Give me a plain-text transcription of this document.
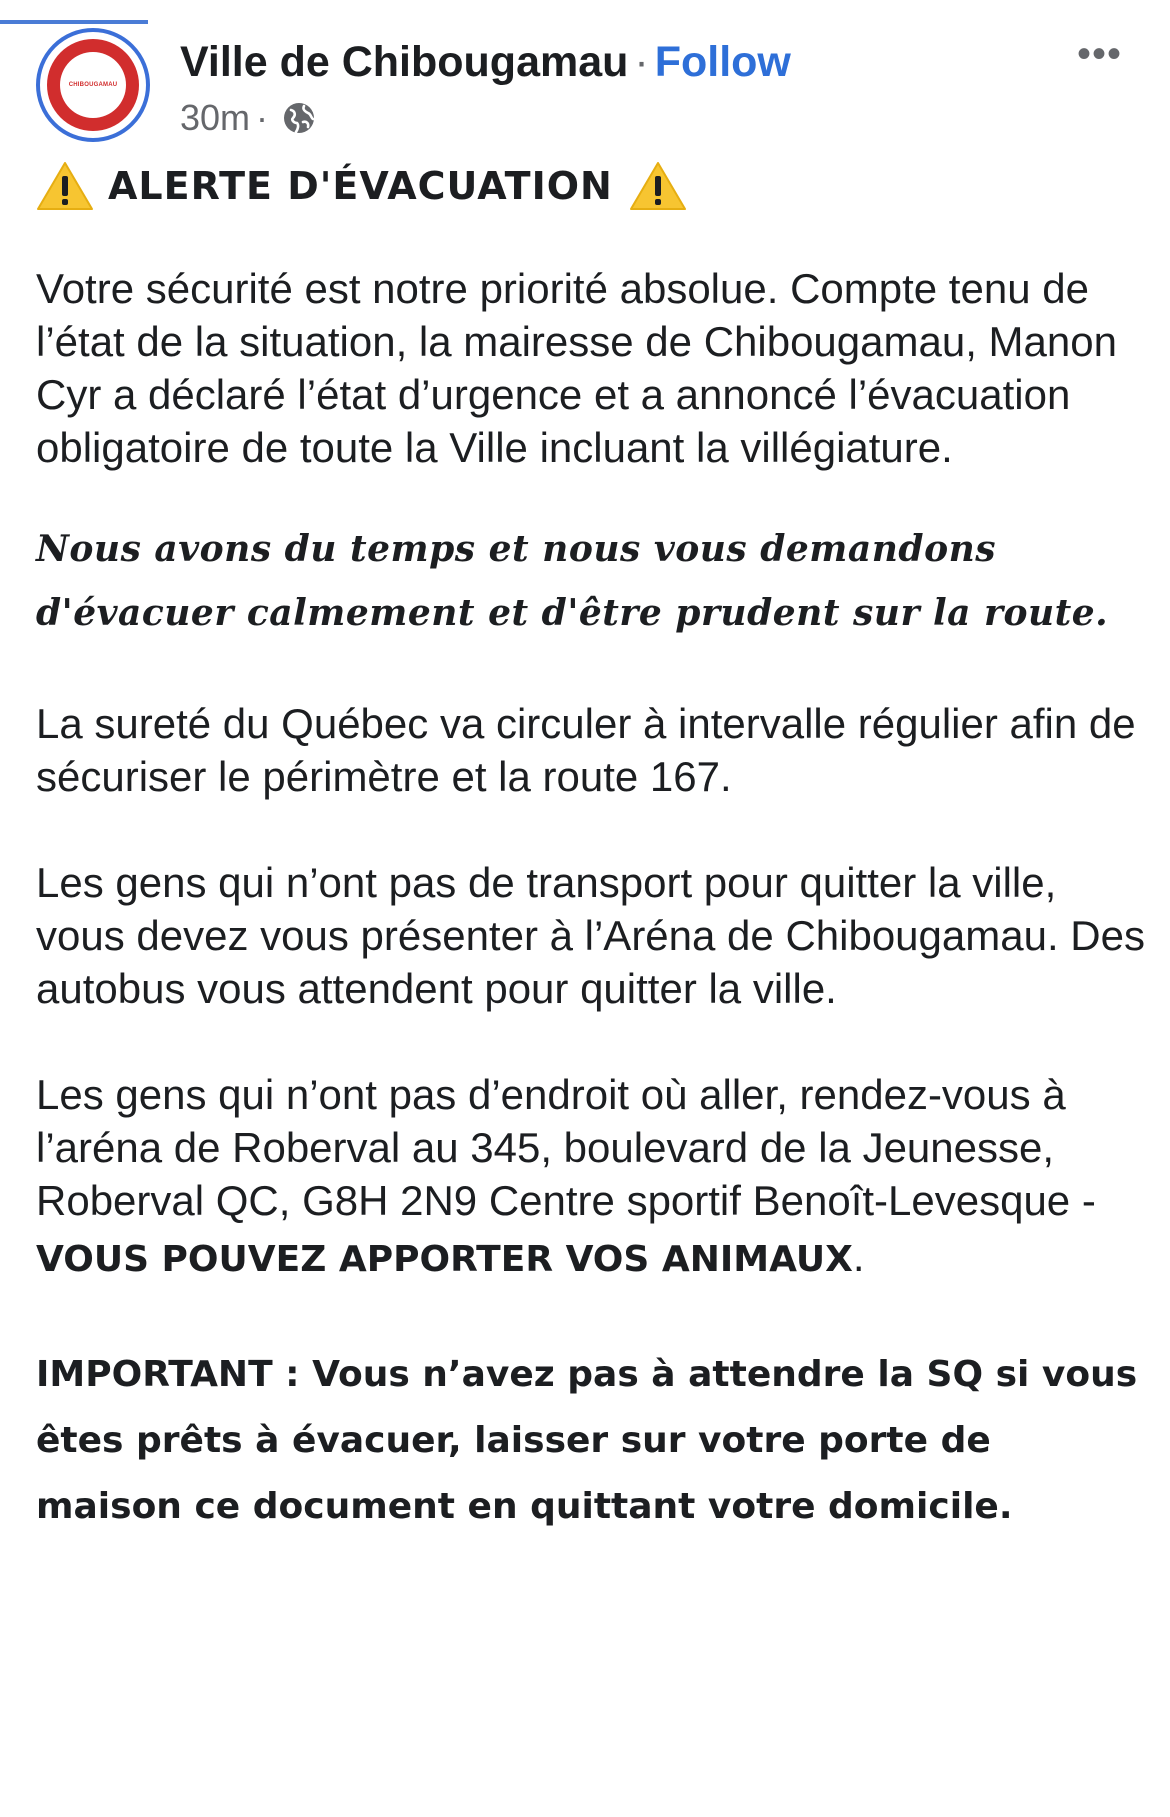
CHIBOUGAMAU Ville de Chibougamau · Follow
30m ·
•••
ALERTE D'ÉVACUATION

Votre sécurité est notre priorité absolue. Compte tenu de l’état de la situation, la mairesse de Chibougamau, Manon Cyr a déclaré l’état d’urgence et a annoncé l’évacuation obligatoire de toute la Ville incluant la villégiature.

Nous avons du temps et nous vous demandons d'évacuer calmement et d'être prudent sur la route.

La sureté du Québec va circuler à intervalle régulier afin de sécuriser le périmètre et la route 167.

Les gens qui n’ont pas de transport pour quitter la ville, vous devez vous présenter à l’Aréna de Chibougamau. Des autobus vous attendent pour quitter la ville.

Les gens qui n’ont pas d’endroit où aller, rendez-vous à l’aréna de Roberval au 345, boulevard de la Jeunesse, Roberval QC, G8H 2N9 Centre sportif Benoît-Levesque - VOUS POUVEZ APPORTER VOS ANIMAUX.

IMPORTANT : Vous n’avez pas à attendre la SQ si vous êtes prêts à évacuer, laisser sur votre porte de maison ce document en quittant votre domicile.
